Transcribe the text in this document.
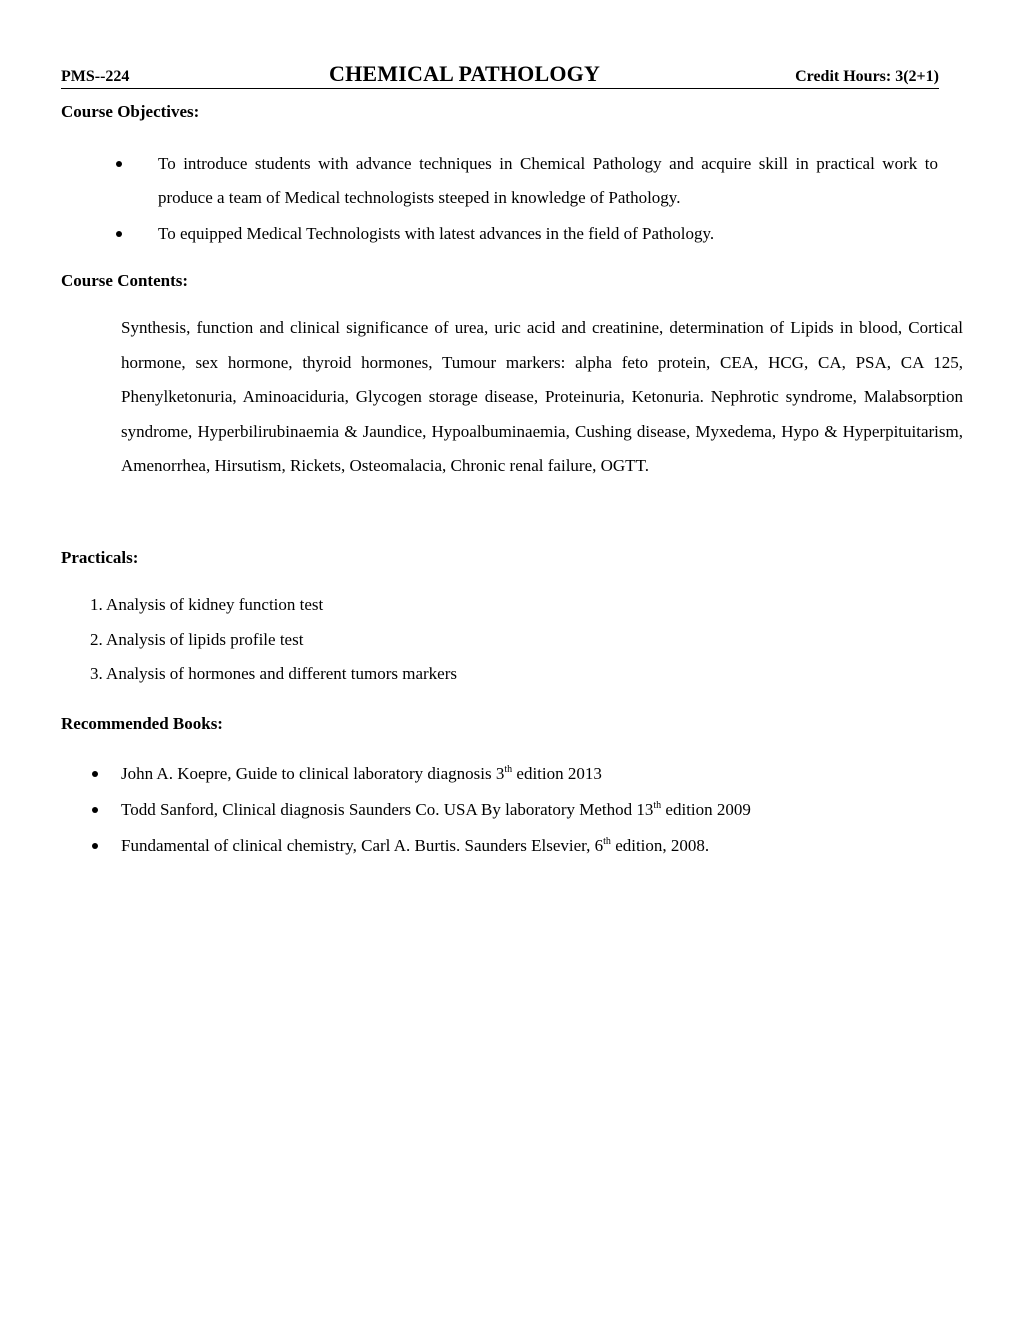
PMS--224	CHEMICAL PATHOLOGY	Credit Hours: 3(2+1)
Course Objectives:
To introduce students with advance techniques in Chemical Pathology and acquire skill in practical work to produce a team of Medical technologists steeped in knowledge of Pathology.
To equipped Medical Technologists with latest advances in the field of Pathology.
Course Contents:

Synthesis, function and clinical significance of urea, uric acid and creatinine, determination of Lipids in blood, Cortical hormone, sex hormone, thyroid hormones, Tumour markers: alpha feto protein, CEA, HCG, CA, PSA, CA 125, Phenylketonuria, Aminoaciduria, Glycogen storage disease, Proteinuria, Ketonuria. Nephrotic syndrome, Malabsorption syndrome, Hyperbilirubinaemia & Jaundice, Hypoalbuminaemia, Cushing disease, Myxedema, Hypo & Hyperpituitarism, Amenorrhea, Hirsutism, Rickets, Osteomalacia, Chronic renal failure, OGTT.

Practicals:
1. Analysis of kidney function test
2. Analysis of lipids profile test
3. Analysis of hormones and different tumors markers
Recommended Books:
John A. Koepre, Guide to clinical laboratory diagnosis 3th edition 2013
Todd Sanford, Clinical diagnosis Saunders Co. USA By laboratory Method 13th edition 2009
Fundamental of clinical chemistry, Carl A. Burtis. Saunders Elsevier, 6th edition, 2008.
